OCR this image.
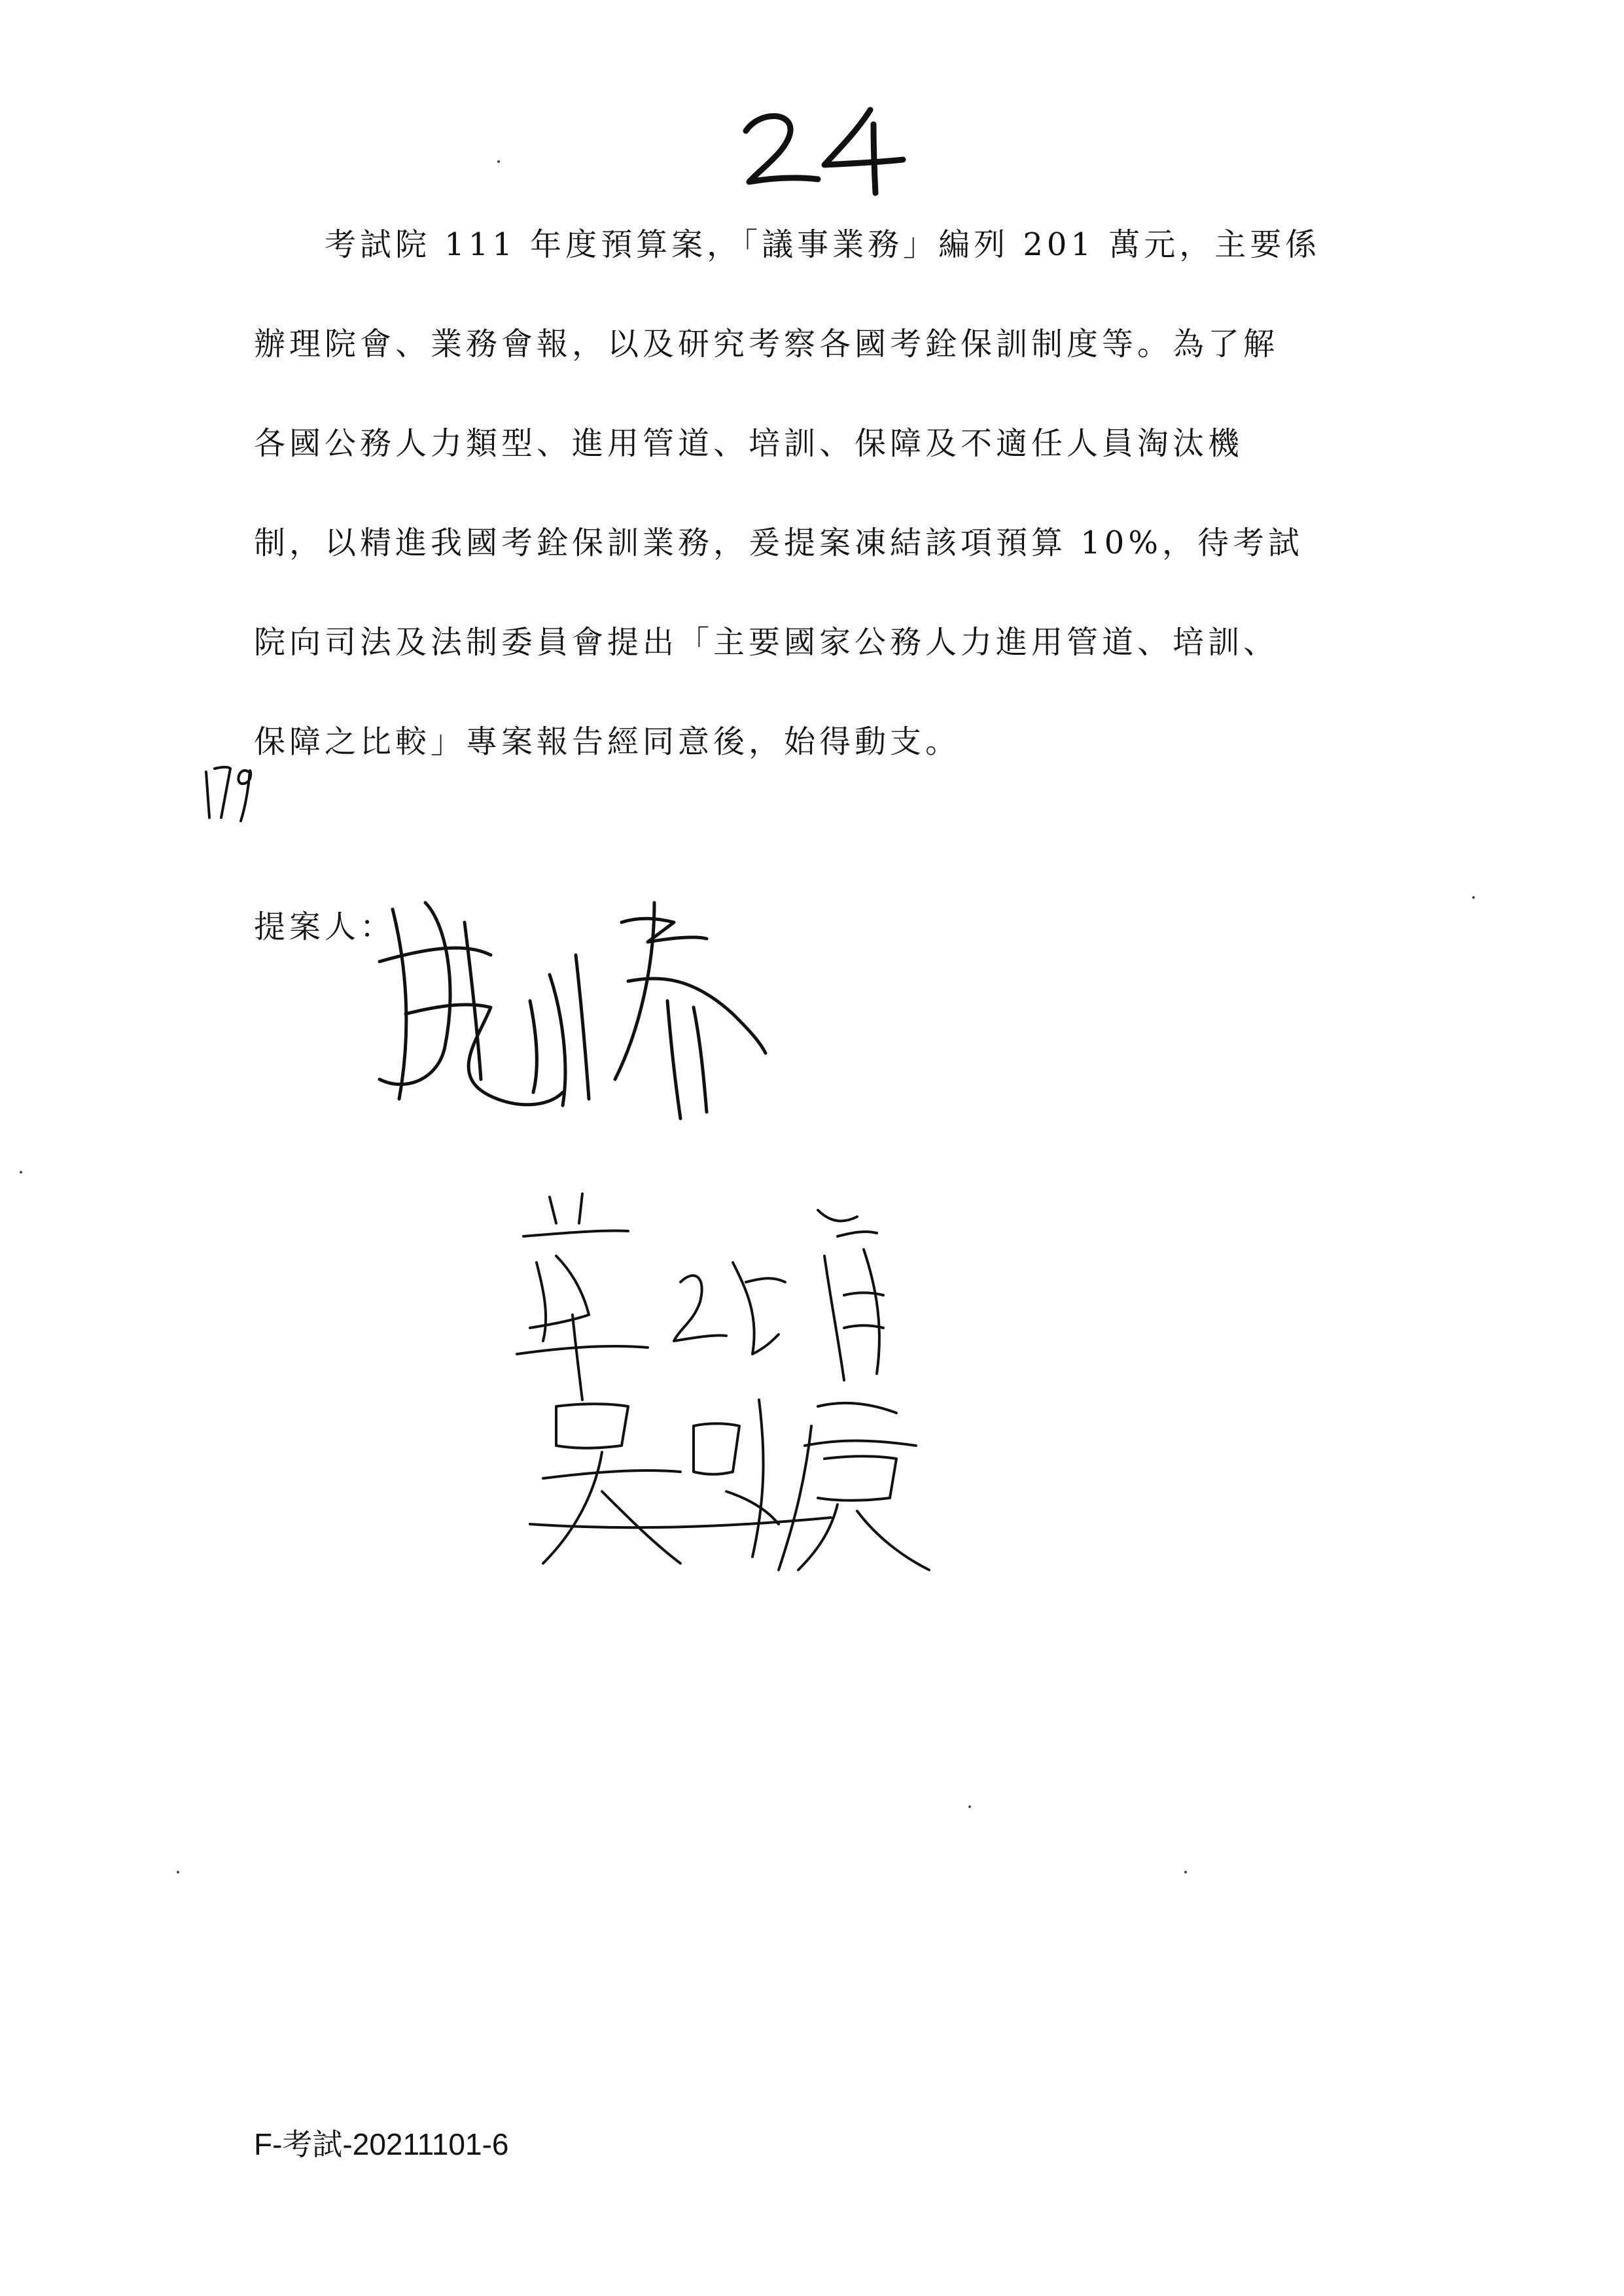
考試院 111 年度預算案，「議事業務」編列 201 萬元，主要係
辦理院會、業務會報，以及研究考察各國考銓保訓制度等。為了解
各國公務人力類型、進用管道、培訓、保障及不適任人員淘汰機
制，以精進我國考銓保訓業務，爰提案凍結該項預算 10%，待考試
院向司法及法制委員會提出「主要國家公務人力進用管道、培訓、
保障之比較」專案報告經同意後，始得動支。
提案人：
F-考試-20211101-6
